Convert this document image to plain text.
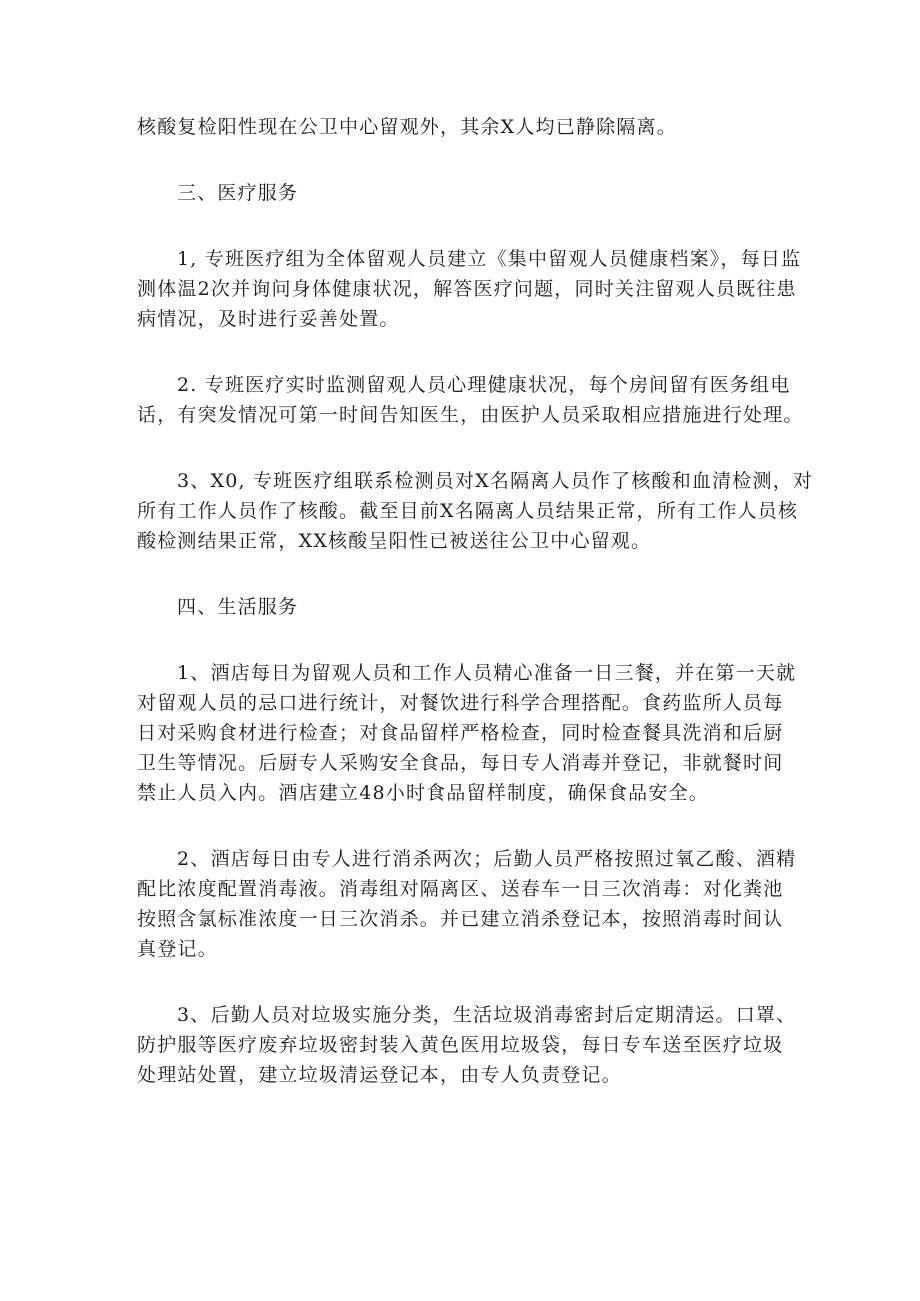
核酸复检阳性现在公卫中心留观外，其余X人均已静除隔离。

三、医疗服务

1, 专班医疗组为全体留观人员建立《集中留观人员健康档案》，每日监

测体温2次并询问身体健康状况，解答医疗问题，同时关注留观人员既往患

病情况，及时进行妥善处置。

2. 专班医疗实时监测留观人员心理健康状况，每个房间留有医务组电

话，有突发情况可第一时间告知医生，由医护人员采取相应措施进行处理。

3、X0, 专班医疗组联系检测员对X名隔离人员作了核酸和血清检测，对

所有工作人员作了核酸。截至目前X名隔离人员结果正常，所有工作人员核

酸检测结果正常，XX核酸呈阳性已被送往公卫中心留观。

四、生活服务

1、酒店每日为留观人员和工作人员精心准备一日三餐，并在第一天就

对留观人员的忌口进行统计，对餐饮进行科学合理搭配。食药监所人员每

日对采购食材进行检查；对食品留样严格检查，同时检查餐具洗消和后厨

卫生等情况。后厨专人采购安全食品，每日专人消毒并登记，非就餐时间

禁止人员入内。酒店建立48小时食品留样制度，确保食品安全。

2、酒店每日由专人进行消杀两次；后勤人员严格按照过氧乙酸、酒精

配比浓度配置消毒液。消毒组对隔离区、送春车一日三次消毒：对化粪池

按照含氯标准浓度一日三次消杀。并已建立消杀登记本，按照消毒时间认

真登记。

3、后勤人员对垃圾实施分类，生活垃圾消毒密封后定期清运。口罩、

防护服等医疗废弃垃圾密封装入黄色医用垃圾袋，每日专车送至医疗垃圾

处理站处置，建立垃圾清运登记本，由专人负责登记。
